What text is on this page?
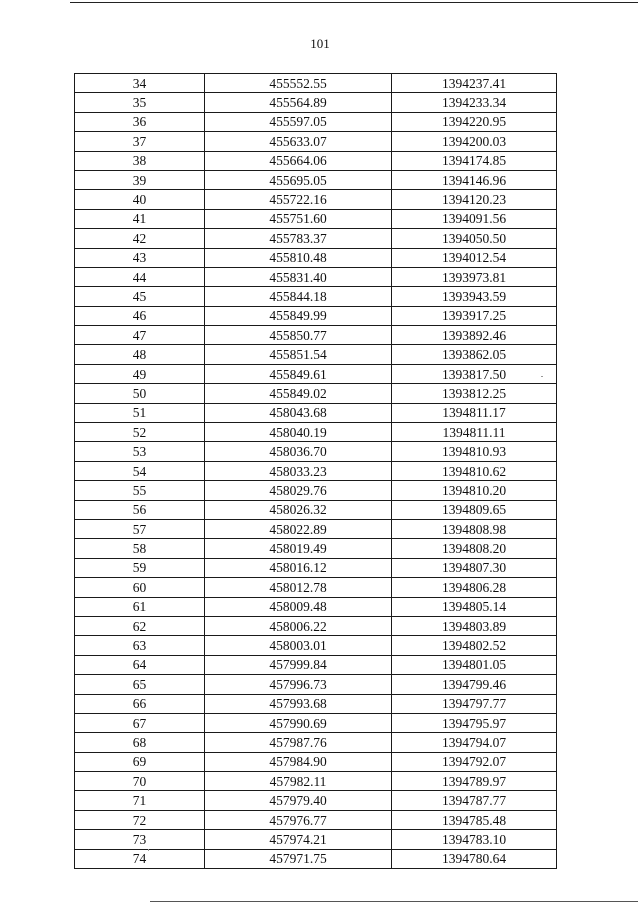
101
34	455552.55	1394237.41
35	455564.89	1394233.34
36	455597.05	1394220.95
37	455633.07	1394200.03
38	455664.06	1394174.85
39	455695.05	1394146.96
40	455722.16	1394120.23
41	455751.60	1394091.56
42	455783.37	1394050.50
43	455810.48	1394012.54
44	455831.40	1393973.81
45	455844.18	1393943.59
46	455849.99	1393917.25
47	455850.77	1393892.46
48	455851.54	1393862.05
49	455849.61	1393817.50
50	455849.02	1393812.25
51	458043.68	1394811.17
52	458040.19	1394811.11
53	458036.70	1394810.93
54	458033.23	1394810.62
55	458029.76	1394810.20
56	458026.32	1394809.65
57	458022.89	1394808.98
58	458019.49	1394808.20
59	458016.12	1394807.30
60	458012.78	1394806.28
61	458009.48	1394805.14
62	458006.22	1394803.89
63	458003.01	1394802.52
64	457999.84	1394801.05
65	457996.73	1394799.46
66	457993.68	1394797.77
67	457990.69	1394795.97
68	457987.76	1394794.07
69	457984.90	1394792.07
70	457982.11	1394789.97
71	457979.40	1394787.77
72	457976.77	1394785.48
73	457974.21	1394783.10
74	457971.75	1394780.64
